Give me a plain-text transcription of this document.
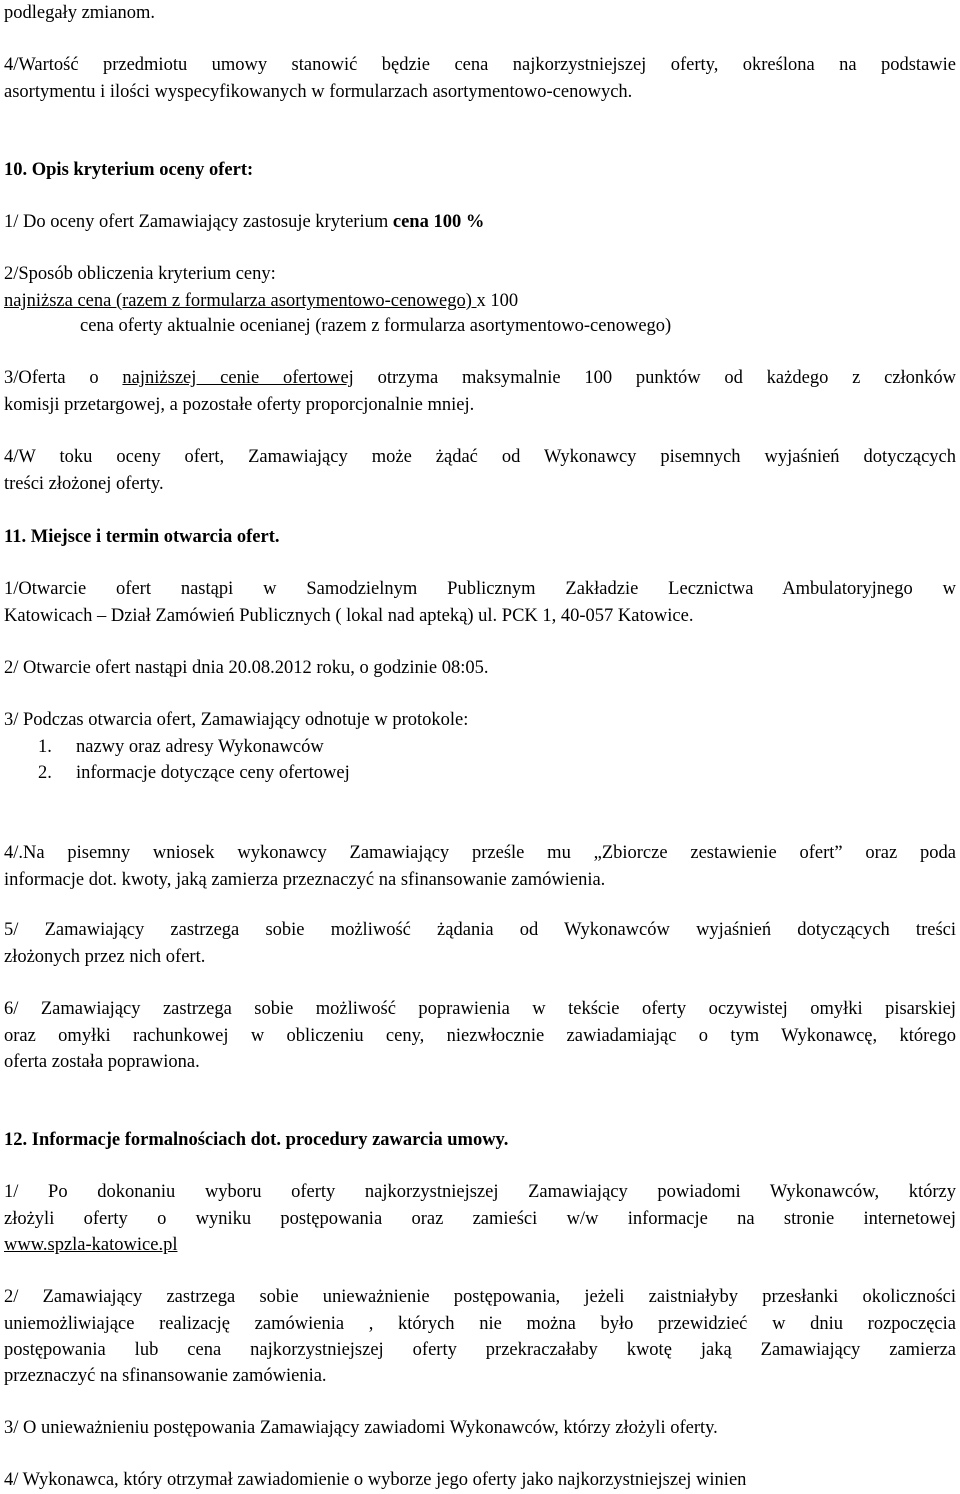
podlegały zmianom.

4/Wartość przedmiotu umowy stanowić będzie cena najkorzystniejszej oferty, określona na podstawie

asortymentu i ilości wyspecyfikowanych w formularzach asortymentowo-cenowych.

10. Opis kryterium oceny ofert:

1/ Do oceny ofert Zamawiający zastosuje kryterium cena 100 %

2/Sposób obliczenia kryterium ceny:

najniższa cena (razem z formularza asortymentowo-cenowego) x 100

cena oferty aktualnie ocenianej (razem z formularza asortymentowo-cenowego)

3/Oferta o najniższej cenie ofertowej otrzyma maksymalnie 100 punktów od każdego z członków

komisji przetargowej, a pozostałe oferty proporcjonalnie mniej.

4/W toku oceny ofert, Zamawiający może żądać od Wykonawcy pisemnych wyjaśnień dotyczących

treści złożonej oferty.

11. Miejsce i termin otwarcia ofert.

1/Otwarcie ofert nastąpi w Samodzielnym Publicznym Zakładzie Lecznictwa Ambulatoryjnego w

Katowicach – Dział Zamówień Publicznych ( lokal nad apteką) ul. PCK 1, 40-057 Katowice.

2/ Otwarcie ofert nastąpi dnia 20.08.2012 roku, o godzinie 08:05.

3/ Podczas otwarcia ofert, Zamawiający odnotuje w protokole:

1. nazwy oraz adresy Wykonawców
2. informacje dotyczące ceny ofertowej

4/.Na pisemny wniosek wykonawcy Zamawiający prześle mu „Zbiorcze zestawienie ofert” oraz poda

informacje dot. kwoty, jaką zamierza przeznaczyć na sfinansowanie zamówienia.

5/ Zamawiający zastrzega sobie możliwość żądania od Wykonawców wyjaśnień dotyczących treści

złożonych przez nich ofert.

6/ Zamawiający zastrzega sobie możliwość poprawienia w tekście oferty oczywistej omyłki pisarskiej

oraz omyłki rachunkowej w obliczeniu ceny, niezwłocznie zawiadamiając o tym Wykonawcę, którego

oferta została poprawiona.

12. Informacje formalnościach dot. procedury zawarcia umowy.

1/ Po dokonaniu wyboru oferty najkorzystniejszej Zamawiający powiadomi Wykonawców, którzy

złożyli oferty o wyniku postępowania oraz zamieści w/w informacje na stronie internetowej

www.spzla-katowice.pl

2/ Zamawiający zastrzega sobie unieważnienie postępowania, jeżeli zaistniałyby przesłanki okoliczności

uniemożliwiające realizację zamówienia , których nie można było przewidzieć w dniu rozpoczęcia

postępowania lub cena najkorzystniejszej oferty przekraczałaby kwotę jaką Zamawiający zamierza

przeznaczyć na sfinansowanie zamówienia.

3/ O unieważnieniu postępowania Zamawiający zawiadomi Wykonawców, którzy złożyli oferty.

4/ Wykonawca, który otrzymał zawiadomienie o wyborze jego oferty jako najkorzystniejszej winien
